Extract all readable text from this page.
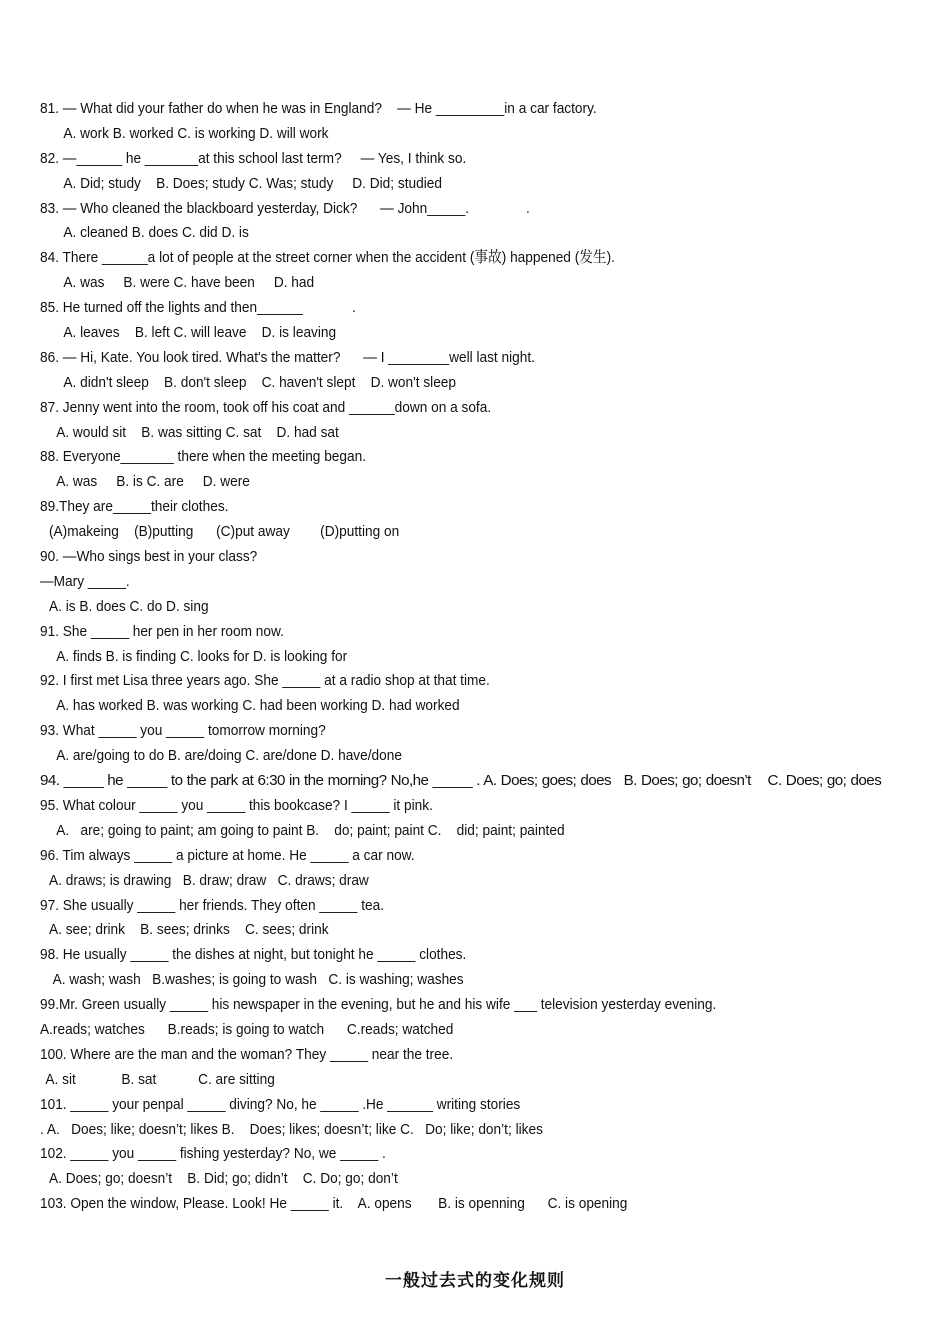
81. — What did your father do when he was in England?    — He _________in a car factory.
A. work B. worked C. is working D. will work
82. —______ he _______at this school last term?     — Yes, I think so.
A. Did; study    B. Does; study C. Was; study     D. Did; studied
83. — Who cleaned the blackboard yesterday, Dick?      — John_____.               .
A. cleaned B. does C. did D. is
84. There ______a lot of people at the street corner when the accident (事故) happened (发生).
A. was     B. were C. have been     D. had
85. He turned off the lights and then______             .
A. leaves    B. left C. will leave    D. is leaving
86. — Hi, Kate. You look tired. What's the matter?      — I ________well last night.
A. didn't sleep    B. don't sleep    C. haven't slept    D. won't sleep
87. Jenny went into the room, took off his coat and ______down on a sofa.
A. would sit    B. was sitting C. sat    D. had sat
88. Everyone_______ there when the meeting began.
A. was     B. is C. are     D. were
89.They are_____their clothes.
(A)makeing    (B)putting      (C)put away        (D)putting on
90. —Who sings best in your class?
—Mary _____.
A. is B. does C. do D. sing
91. She _____ her pen in her room now.
A. finds B. is finding C. looks for D. is looking for
92. I first met Lisa three years ago. She _____ at a radio shop at that time.
A. has worked B. was working C. had been working D. had worked
93. What _____ you _____ tomorrow morning?
A. are/going to do B. are/doing C. are/done D. have/done
94. _____ he _____ to the park at 6:30 in the morning? No,he _____ . A. Does; goes; does   B. Does; go; doesn’t    C. Does; go; does
95. What colour _____ you _____ this bookcase? I _____ it pink.
A.   are; going to paint; am going to paint B.    do; paint; paint C.    did; paint; painted
96. Tim always _____ a picture at home. He _____ a car now.
A. draws; is drawing   B. draw; draw   C. draws; draw
97. She usually _____ her friends. They often _____ tea.
A. see; drink    B. sees; drinks    C. sees; drink
98. He usually _____ the dishes at night, but tonight he _____ clothes.
A. wash; wash   B.washes; is going to wash   C. is washing; washes
99.Mr. Green usually _____ his newspaper in the evening, but he and his wife ___ television yesterday evening.
A.reads; watches      B.reads; is going to watch      C.reads; watched
100. Where are the man and the woman? They _____ near the tree.
A. sit            B. sat           C. are sitting
101. _____ your penpal _____ diving? No, he _____ .He ______ writing stories
. A.   Does; like; doesn’t; likes B.    Does; likes; doesn’t; like C.   Do; like; don’t; likes
102. _____ you _____ fishing yesterday? No, we _____ .
A. Does; go; doesn’t    B. Did; go; didn’t    C. Do; go; don’t
103. Open the window, Please. Look! He _____ it.    A. opens       B. is openning      C. is opening
一般过去式的变化规则
